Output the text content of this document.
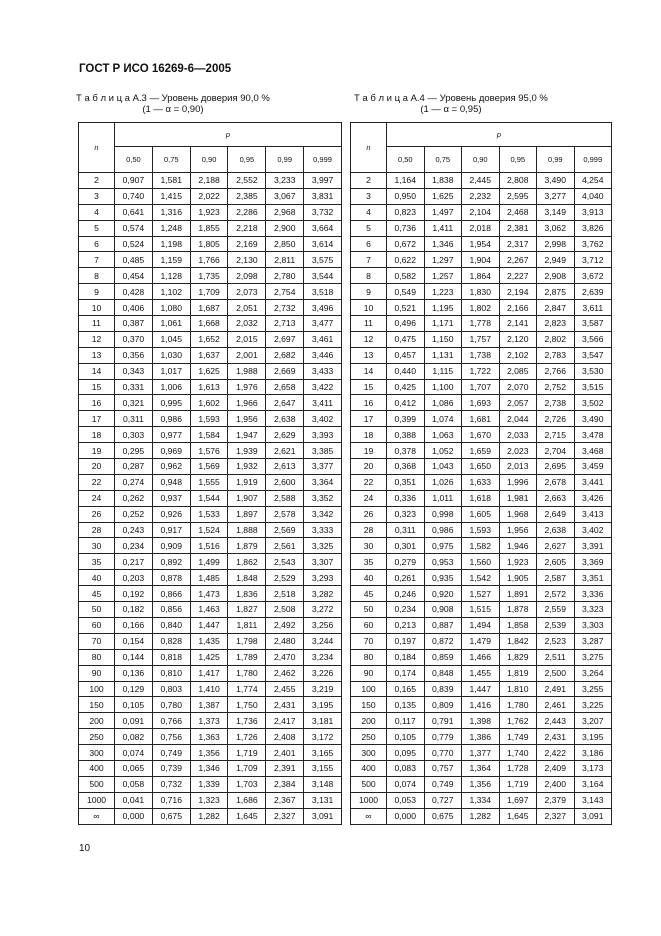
ГОСТ Р ИСО 16269-6—2005
Т а б л и ц а А.3 — Уровень доверия 90,0 %
(1 — α = 0,90)
Т а б л и ц а А.4 — Уровень доверия 95,0 %
(1 — α = 0,95)
n	p					
	0,50	0,75	0,90	0,95	0,99	0,999
2	0,907	1,581	2,188	2,552	3,233	3,997
3	0,740	1,415	2,022	2,385	3,067	3,831
4	0,641	1,316	1,923	2,286	2,968	3,732
5	0,574	1,248	1,855	2,218	2,900	3,664
6	0,524	1,198	1,805	2,169	2,850	3,614
7	0,485	1,159	1,766	2,130	2,811	3,575
8	0,454	1,128	1,735	2,098	2,780	3,544
9	0,428	1,102	1,709	2,073	2,754	3,518
10	0,406	1,080	1,687	2,051	2,732	3,496
11	0,387	1,061	1,668	2,032	2,713	3,477
12	0,370	1,045	1,652	2,015	2,697	3,461
13	0,356	1,030	1,637	2,001	2,682	3,446
14	0,343	1,017	1,625	1,988	2,669	3,433
15	0,331	1,006	1,613	1,976	2,658	3,422
16	0,321	0,995	1,602	1,966	2,647	3,411
17	0,311	0,986	1,593	1,956	2,638	3,402
18	0,303	0,977	1,584	1,947	2,629	3,393
19	0,295	0,969	1,576	1,939	2,621	3,385
20	0,287	0,962	1,569	1,932	2,613	3,377
22	0,274	0,948	1,555	1,919	2,600	3,364
24	0,262	0,937	1,544	1,907	2,588	3,352
26	0,252	0,926	1,533	1,897	2,578	3,342
28	0,243	0,917	1,524	1,888	2,569	3,333
30	0,234	0,909	1,516	1,879	2,561	3,325
35	0,217	0,892	1,499	1,862	2,543	3,307
40	0,203	0,878	1,485	1,848	2,529	3,293
45	0,192	0,866	1,473	1,836	2,518	3,282
50	0,182	0,856	1,463	1,827	2,508	3,272
60	0,166	0,840	1,447	1,811	2,492	3,256
70	0,154	0,828	1,435	1,798	2,480	3,244
80	0,144	0,818	1,425	1,789	2,470	3,234
90	0,136	0,810	1,417	1,780	2,462	3,226
100	0,129	0,803	1,410	1,774	2,455	3,219
150	0,105	0,780	1,387	1,750	2,431	3,195
200	0,091	0,766	1,373	1,736	2,417	3,181
250	0,082	0,756	1,363	1,726	2,408	3,172
300	0,074	0,749	1,356	1,719	2,401	3,165
400	0,065	0,739	1,346	1,709	2,391	3,155
500	0,058	0,732	1,339	1,703	2,384	3,148
1000	0,041	0,716	1,323	1,686	2,367	3,131
∞	0,000	0,675	1,282	1,645	2,327	3,091
n	p					
	0,50	0,75	0,90	0,95	0,99	0,999
2	1,164	1,838	2,445	2,808	3,490	4,254
3	0,950	1,625	2,232	2,595	3,277	4,040
4	0,823	1,497	2,104	2,468	3,149	3,913
5	0,736	1,411	2,018	2,381	3,062	3,826
6	0,672	1,346	1,954	2,317	2,998	3,762
7	0,622	1,297	1,904	2,267	2,949	3,712
8	0,582	1,257	1,864	2,227	2,908	3,672
9	0,549	1,223	1,830	2,194	2,875	2,639
10	0,521	1,195	1,802	2,166	2,847	3,611
11	0,496	1,171	1,778	2,141	2,823	3,587
12	0,475	1,150	1,757	2,120	2,802	3,566
13	0,457	1,131	1,738	2,102	2,783	3,547
14	0,440	1,115	1,722	2,085	2,766	3,530
15	0,425	1,100	1,707	2,070	2,752	3,515
16	0,412	1,086	1,693	2,057	2,738	3,502
17	0,399	1,074	1,681	2,044	2,726	3,490
18	0,388	1,063	1,670	2,033	2,715	3,478
19	0,378	1,052	1,659	2,023	2,704	3,468
20	0,368	1,043	1,650	2,013	2,695	3,459
22	0,351	1,026	1,633	1,996	2,678	3,441
24	0,336	1,011	1,618	1,981	2,663	3,426
26	0,323	0,998	1,605	1,968	2,649	3,413
28	0,311	0,986	1,593	1,956	2,638	3,402
30	0,301	0,975	1,582	1,946	2,627	3,391
35	0,279	0,953	1,560	1,923	2,605	3,369
40	0,261	0,935	1,542	1,905	2,587	3,351
45	0,246	0,920	1,527	1,891	2,572	3,336
50	0,234	0,908	1,515	1,878	2,559	3,323
60	0,213	0,887	1,494	1,858	2,539	3,303
70	0,197	0,872	1,479	1,842	2,523	3,287
80	0,184	0,859	1,466	1,829	2,511	3,275
90	0,174	0,848	1,455	1,819	2,500	3,264
100	0,165	0,839	1,447	1,810	2,491	3,255
150	0,135	0,809	1,416	1,780	2,461	3,225
200	0,117	0,791	1,398	1,762	2,443	3,207
250	0,105	0,779	1,386	1,749	2,431	3,195
300	0,095	0,770	1,377	1,740	2,422	3,186
400	0,083	0,757	1,364	1,728	2,409	3,173
500	0,074	0,749	1,356	1,719	2,400	3,164
1000	0,053	0,727	1,334	1,697	2,379	3,143
∞	0,000	0,675	1,282	1,645	2,327	3,091
10
